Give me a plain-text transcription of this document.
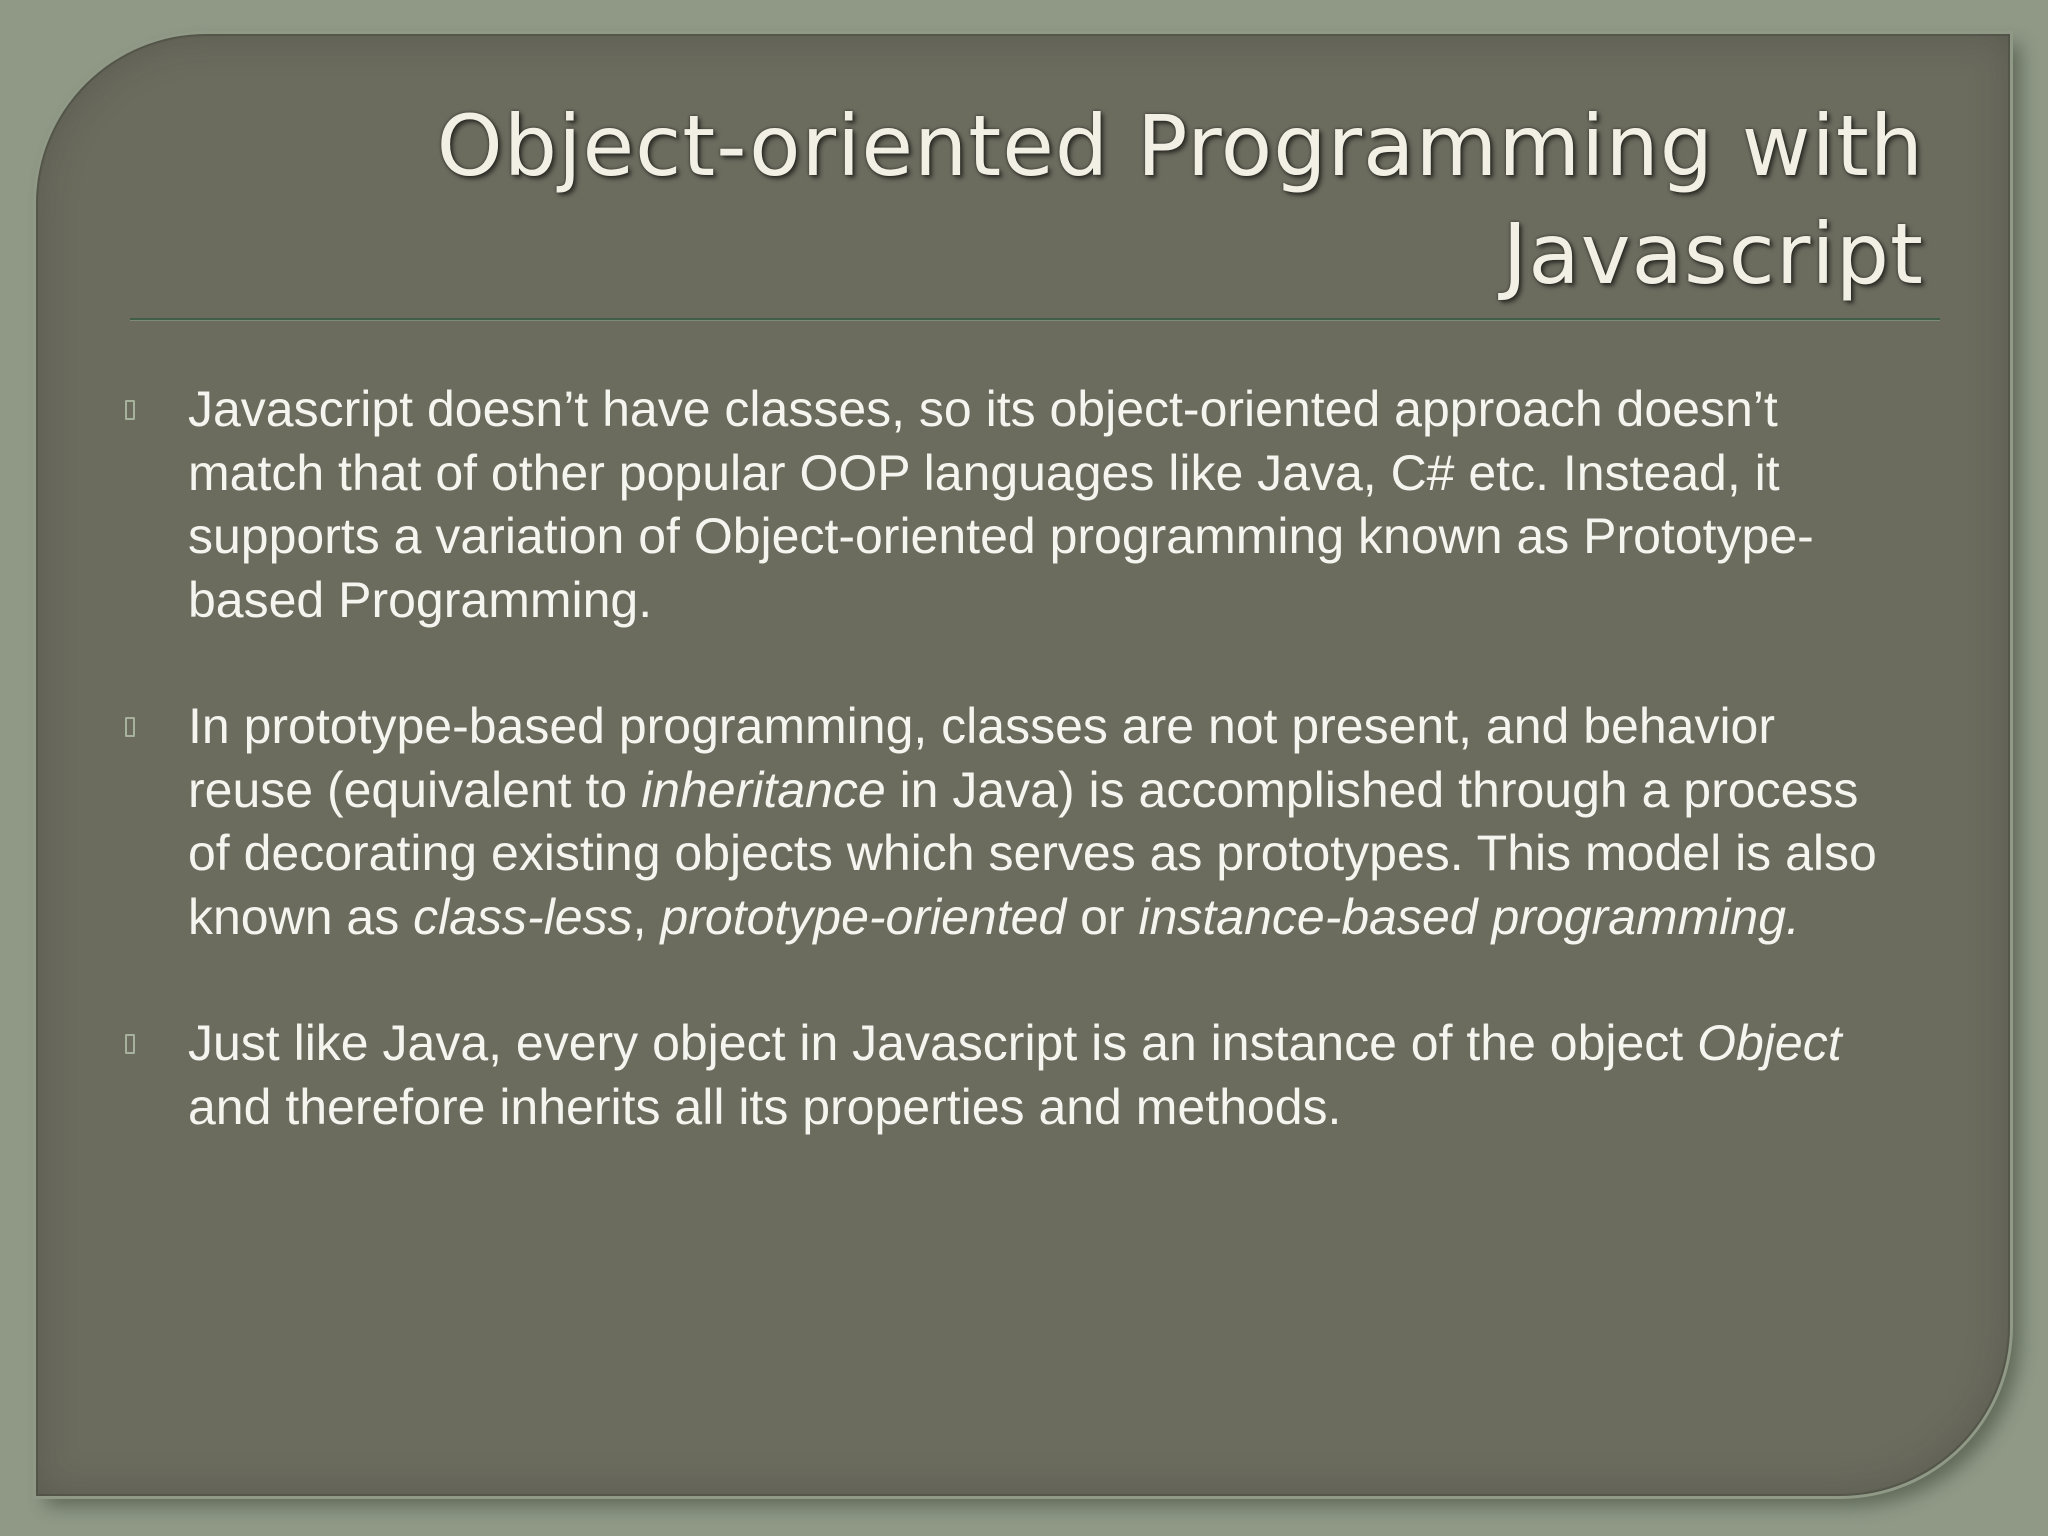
Object-oriented Programming with
Javascript
Javascript doesn’t have classes, so its object-oriented approach doesn’t match that of other popular OOP languages like Java, C# etc. Instead, it supports a variation of Object-oriented programming known as Prototype-based Programming.
In prototype-based programming, classes are not present, and behavior reuse (equivalent to inheritance in Java) is accomplished through a process of decorating existing objects which serves as prototypes. This model is also known as class-less, prototype-oriented or instance-based programming.
Just like Java, every object in Javascript is an instance of the object Object and therefore inherits all its properties and methods.
